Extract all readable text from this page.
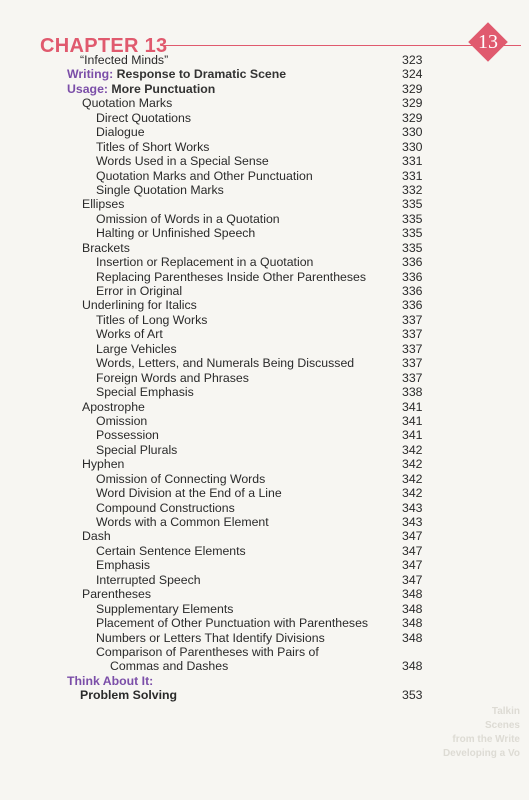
CHAPTER 13	13
“Infected Minds”	323
Writing: Response to Dramatic Scene	324
Usage: More Punctuation	329
Quotation Marks	329
Direct Quotations	329
Dialogue	330
Titles of Short Works	330
Words Used in a Special Sense	331
Quotation Marks and Other Punctuation	331
Single Quotation Marks	332
Ellipses	335
Omission of Words in a Quotation	335
Halting or Unfinished Speech	335
Brackets	335
Insertion or Replacement in a Quotation	336
Replacing Parentheses Inside Other Parentheses	336
Error in Original	336
Underlining for Italics	336
Titles of Long Works	337
Works of Art	337
Large Vehicles	337
Words, Letters, and Numerals Being Discussed	337
Foreign Words and Phrases	337
Special Emphasis	338
Apostrophe	341
Omission	341
Possession	341
Special Plurals	342
Hyphen	342
Omission of Connecting Words	342
Word Division at the End of a Line	342
Compound Constructions	343
Words with a Common Element	343
Dash	347
Certain Sentence Elements	347
Emphasis	347
Interrupted Speech	347
Parentheses	348
Supplementary Elements	348
Placement of Other Punctuation with Parentheses	348
Numbers or Letters That Identify Divisions	348
Comparison of Parentheses with Pairs of
Commas and Dashes	348
Think About It:
Problem Solving	353
Talkin
Scenes
from the Write
Developing a Vo
